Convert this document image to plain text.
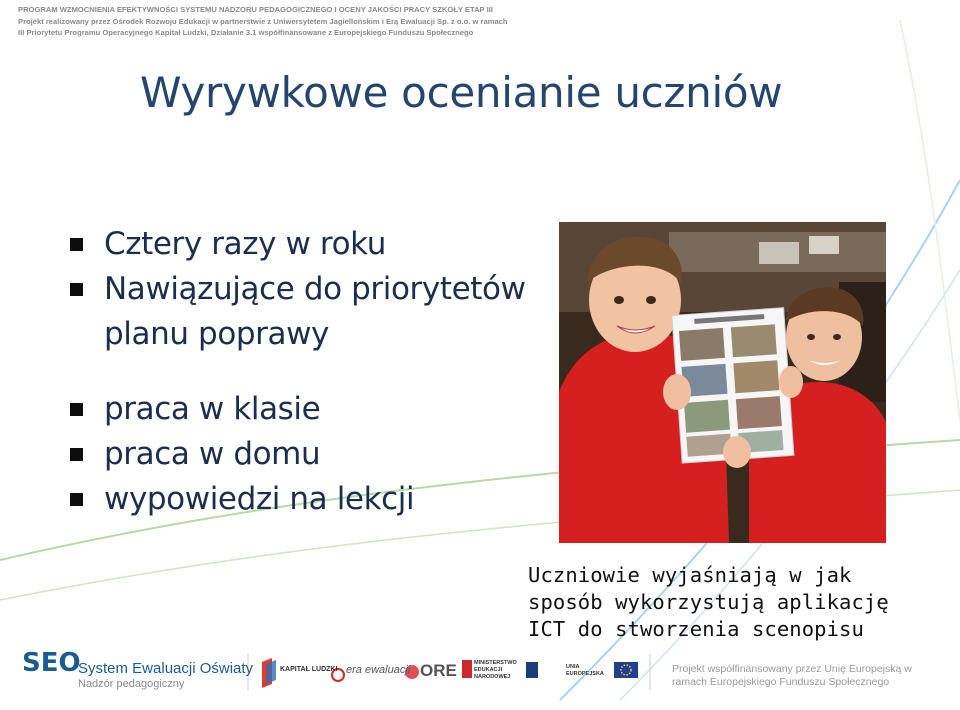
PROGRAM WZMOCNIENIA EFEKTYWNOŚCI SYSTEMU NADZORU PEDAGOGICZNEGO I OCENY JAKOŚCI PRACY SZKOŁY ETAP III
Projekt realizowany przez Ośrodek Rozwoju Edukacji w partnerstwie z Uniwersytetem Jagiellońskim i Erą Ewaluacji Sp. z o.o. w ramach
III Priorytetu Programu Operacyjnego Kapitał Ludzki, Działanie 3.1 współfinansowane z Europejskiego Funduszu Społecznego
Wyrywkowe ocenianie uczniów
Cztery razy w roku
Nawiązujące do priorytetów planu poprawy
praca w klasie
praca w domu
wypowiedzi na lekcji
Uczniowie wyjaśniają w jak
sposób wykorzystują aplikację
ICT do stworzenia scenopisu
SEO
System Ewaluacji Oświaty
Nadzór pedagogiczny
KAPITAŁ LUDZKI era ewaluacji ORE	MINISTERSTWO EDUKACJI NARODOWEJ
UNIA EUROPEJSKA	Projekt współfinansowany przez Unię Europejską w ramach Europejskiego Funduszu Społecznego
